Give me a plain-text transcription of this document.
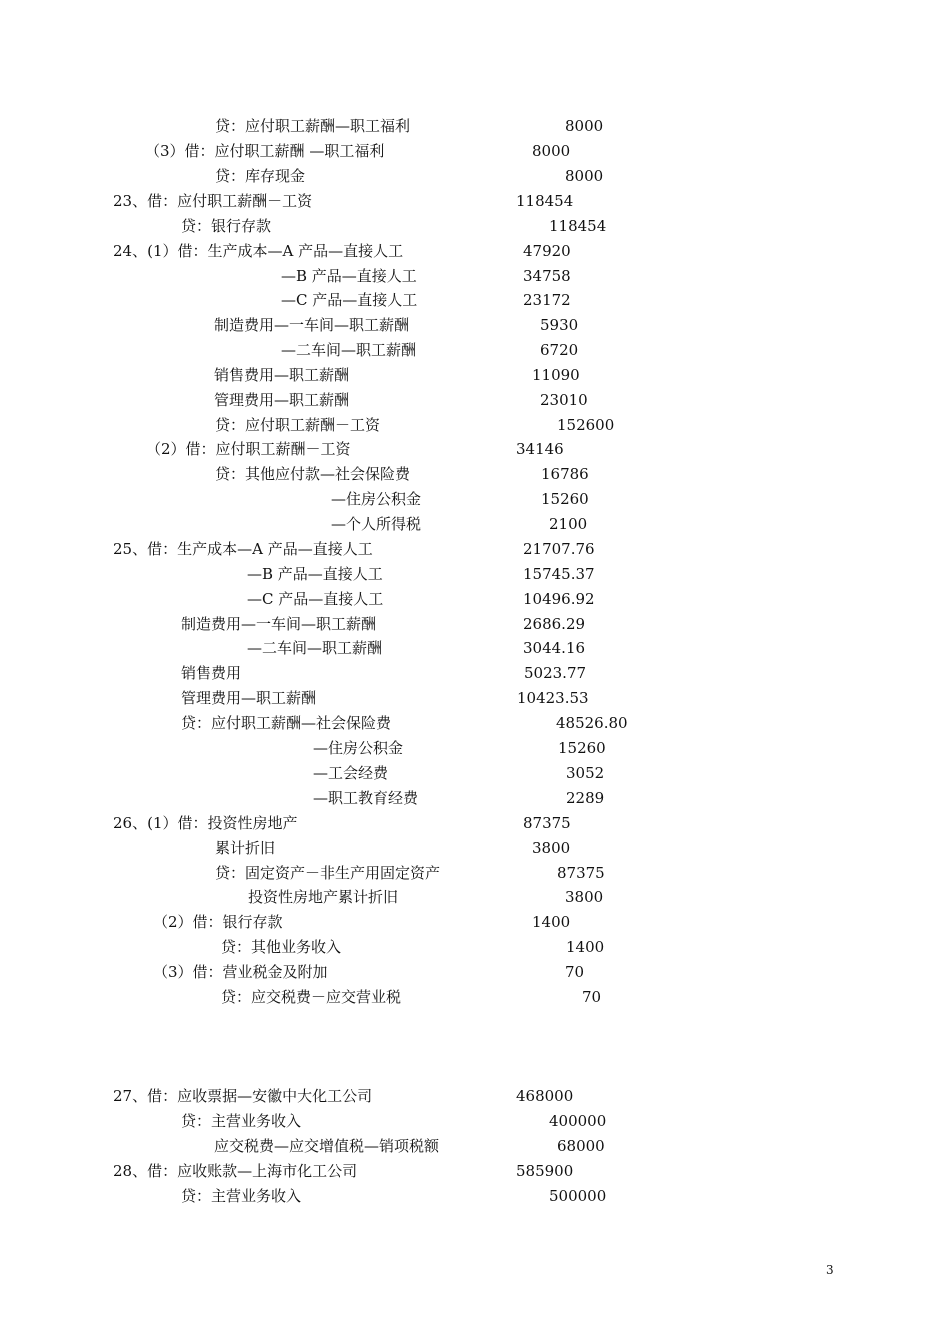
贷：应付职工薪酬—职工福利	8000
（3）借：应付职工薪酬 —职工福利	8000
贷：库存现金	8000
23、借：应付职工薪酬－工资	118454
贷：银行存款	118454
24、(1）借：生产成本—A 产品—直接人工	47920
—B 产品—直接人工	34758
—C 产品—直接人工	23172
制造费用—一车间—职工薪酬	5930
—二车间—职工薪酬	6720
销售费用—职工薪酬	11090
管理费用—职工薪酬	23010
贷：应付职工薪酬－工资	152600
（2）借：应付职工薪酬－工资	34146
贷：其他应付款—社会保险费	16786
—住房公积金	15260
—个人所得税	2100
25、借：生产成本—A 产品—直接人工	21707.76
—B 产品—直接人工	15745.37
—C 产品—直接人工	10496.92
制造费用—一车间—职工薪酬	2686.29
—二车间—职工薪酬	3044.16
销售费用	5023.77
管理费用—职工薪酬	10423.53
贷：应付职工薪酬—社会保险费	48526.80
—住房公积金	15260
—工会经费	3052
—职工教育经费	2289
26、(1）借：投资性房地产	87375
累计折旧	3800
贷：固定资产－非生产用固定资产	87375
投资性房地产累计折旧	3800
（2）借：银行存款	1400
贷：其他业务收入	1400
（3）借：营业税金及附加	70
贷：应交税费－应交营业税	70
27、借：应收票据—安徽中大化工公司	468000
贷：主营业务收入	400000
应交税费—应交增值税—销项税额	68000
28、借：应收账款—上海市化工公司	585900
贷：主营业务收入	500000
3
